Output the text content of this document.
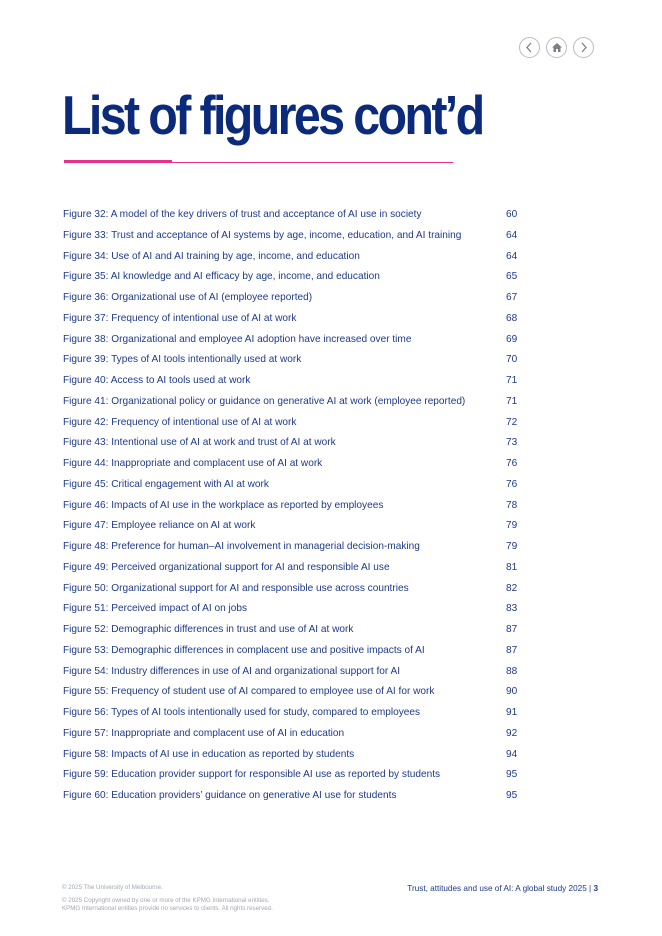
List of figures cont’d
Figure 32: A model of the key drivers of trust and acceptance of AI use in society	60
Figure 33: Trust and acceptance of AI systems by age, income, education, and AI training	64
Figure 34: Use of AI and AI training by age, income, and education	64
Figure 35: AI knowledge and AI efficacy by age, income, and education	65
Figure 36: Organizational use of AI (employee reported)	67
Figure 37: Frequency of intentional use of AI at work	68
Figure 38: Organizational and employee AI adoption have increased over time	69
Figure 39: Types of AI tools intentionally used at work	70
Figure 40: Access to AI tools used at work	71
Figure 41: Organizational policy or guidance on generative AI at work (employee reported)	71
Figure 42: Frequency of intentional use of AI at work	72
Figure 43: Intentional use of AI at work and trust of AI at work	73
Figure 44: Inappropriate and complacent use of AI at work	76
Figure 45: Critical engagement with AI at work	76
Figure 46: Impacts of AI use in the workplace as reported by employees	78
Figure 47: Employee reliance on AI at work	79
Figure 48: Preference for human–AI involvement in managerial decision-making	79
Figure 49: Perceived organizational support for AI and responsible AI use	81
Figure 50: Organizational support for AI and responsible use across countries	82
Figure 51: Perceived impact of AI on jobs	83
Figure 52: Demographic differences in trust and use of AI at work	87
Figure 53: Demographic differences in complacent use and positive impacts of AI	87
Figure 54: Industry differences in use of AI and organizational support for AI	88
Figure 55: Frequency of student use of AI compared to employee use of AI for work	90
Figure 56: Types of AI tools intentionally used for study, compared to employees	91
Figure 57: Inappropriate and complacent use of AI in education	92
Figure 58: Impacts of AI use in education as reported by students	94
Figure 59: Education provider support for responsible AI use as reported by students	95
Figure 60: Education providers’ guidance on generative AI use for students	95
© 2025 The University of Melbourne.
© 2025 Copyright owned by one or more of the KPMG International entities.
KPMG International entities provide no services to clients. All rights reserved.
Trust, attitudes and use of AI: A global study 2025 | 3
